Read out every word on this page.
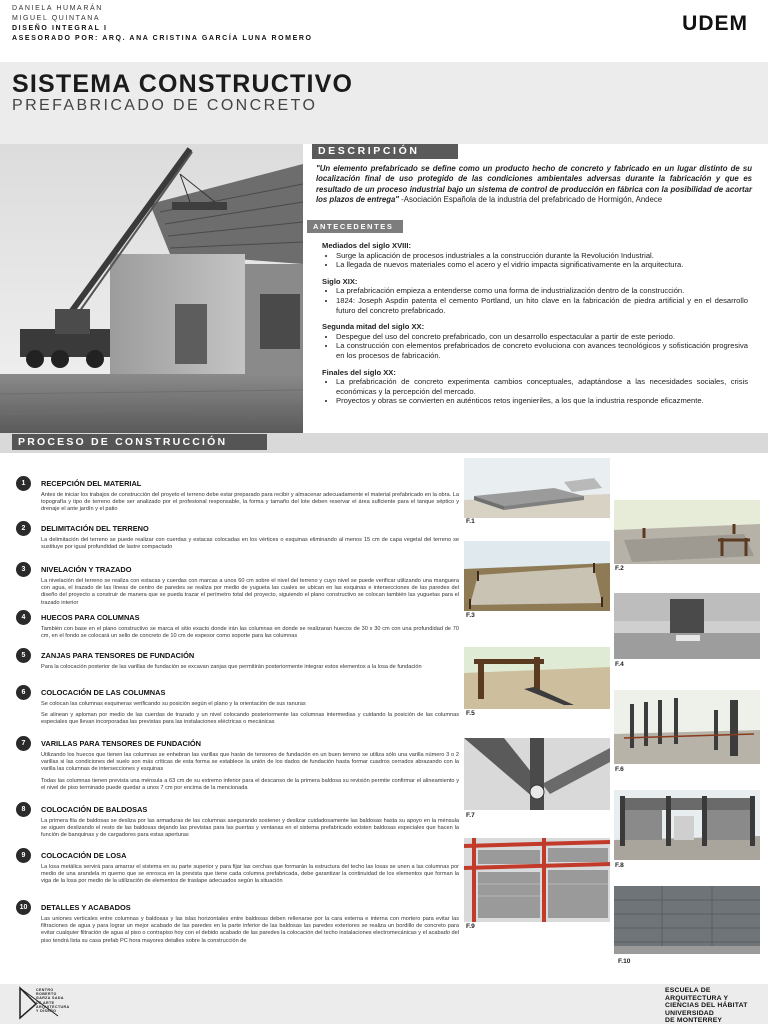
DANIELA HUMARÁN
MIGUEL QUINTANA
DISEÑO INTEGRAL I
ASESORADO POR: ARQ. ANA CRISTINA GARCÍA LUNA ROMERO
UDEM
SISTEMA CONSTRUCTIVO
PREFABRICADO DE CONCRETO
DESCRIPCIÓN
"Un elemento prefabricado se define como un producto hecho de concreto y fabricado en un lugar distinto de su localización final de uso protegido de las condiciones ambientales adversas durante la fabricación y que es resultado de un proceso industrial bajo un sistema de control de producción en fábrica con la posibilidad de acortar los plazos de entrega" -Asociación Española de la industria del prefabricado de Hormigón, Andece
ANTECEDENTES
Mediados del siglo XVIII:
• Surge la aplicación de procesos industriales a la construcción durante la Revolución Industrial.
• La llegada de nuevos materiales como el acero y el vidrio impacta significativamente en la arquitectura.
Siglo XIX:
• La prefabricación empieza a entenderse como una forma de industrialización dentro de la construcción.
• 1824: Joseph Aspdin patenta el cemento Portland, un hito clave en la fabricación de piedra artificial y en el desarrollo futuro del concreto prefabricado.
Segunda mitad del siglo XX:
• Despegue del uso del concreto prefabricado, con un desarrollo espectacular a partir de este periodo.
• La construcción con elementos prefabricados de concreto evoluciona con avances tecnológicos y sofisticación progresiva en los procesos de fabricación.
Finales del siglo XX:
• La prefabricación de concreto experimenta cambios conceptuales, adaptándose a las necesidades sociales, crisis económicas y la percepción del mercado.
• Proyectos y obras se convierten en auténticos retos ingenieriles, a los que la industria responde eficazmente.
PROCESO DE CONSTRUCCIÓN
1	RECEPCIÓN DEL MATERIAL

Antes de iniciar los trabajos de construcción del proyeto el terreno debe estar preparado para recibir y almacenar adecuadamente el material prefabricado en la obra. La topografía y tipo de terreno debe ser analizado por el profesional responsable, la forma y tamaño del lote deben reservar el área suficiente para el tanque séptico y drenaje el ante jardín y el patio

2	DELIMITACIÓN DEL TERRENO

La delimitación del terreno se puede realizar con cuerdas y estacas colocadas en los vértices o esquinas eliminando al menos 15 cm de capa vegetal del terreno se sustituye por igual profundidad de lastre compactado

3	NIVELACIÓN Y TRAZADO

La nivelación del terreno se realiza con estacas y cuerdas con marcas a unos 60 cm sobre el nivel del terreno y cuyo nivel se puede verificar utilizando una manguera con agua, el trazado de las líneas de centro de paredes se realiza por medio de yugueta las cuales se ubican en las esquinas e intersecciones de las paredes del diseño del proyecto a construir de manera que se pueda trazar el perímetro total del proyecto, siguiendo el plano constructivo se colocan también las yuguetas para el trazado interior

4	HUECOS PARA COLUMNAS

También con base en el plano constructivo se marca el sitio exacto donde irán las columnas en donde se realizaran huecos de 30 x 30 cm con una profundidad de 70 cm, en el fondo se colocará un sello de concreto de 10 cm de espesor como soporte para las columnas

5	ZANJAS PARA TENSORES DE FUNDACIÓN

Para la colocación posterior de las varillas de fundación se excavan zanjas que permitirán posteriormente integrar estos elementos a la losa de fundación

6	COLOCACIÓN DE LAS COLUMNAS

Se colocan las columnas esquineras verificando su posición según el plano y la orientación de sus ranuras

Se alinean y aploman por medio de las cuerdas de trazado y un nivel colocando posteriormente las columnas intermedias y cuidando la posición de las columnas especiales que llevan incorporadas las previstas para las instalaciones eléctricas o mecánicas

7	VARILLAS PARA TENSORES DE FUNDACIÓN

Utilizando los huecos que tienen las columnas se enhebran las varillas que harán de tensores de fundación en un buen terreno se utiliza sólo una varilla número 3 o 2 varillas si las condiciones del suelo son más críticas de esta forma se establece la unión de los dados de fundación hasta formar cuadros cerrados abrazando con la varilla las columnas de intersecciones y esquinas

Todas las columnas tienen prevista una ménsula a 63 cm de su extremo inferior para el descanso de la primera baldosa su revisión permite confirmar el alineamiento y el nivel de piso terminado puede quedar a unos 7 cm por encima de la mencionada

8	COLOCACIÓN DE BALDOSAS

La primera fila de baldosas se desliza por las armaduras de las columnas asegurando sostener y deslizar cuidadosamente las baldosas hasta su apoyo en la ménsula se siguen deslizando el resto de las baldosas dejando las previstas para las puertas y ventanas en el sistema prefabricado existen baldosas especiales que hacen la función de banquinas y de cargadores para estas aperturas

9	COLOCACIÓN DE LOSA

La losa metálica servirá para amarrar el sistema en su parte superior y para fijar las cerchas que formarán la estructura del techo las losas se unen a las columnas por medio de una arandela m quemo que se enrosca en la prevista que tiene cada columna prefabricada, debe garantizar la continuidad de los elementos que forman la viga de la losa por medio de la utilización de elementos de traslape adecuados según la situación

10	DETALLES Y ACABADOS

Las uniones verticales entre columnas y baldosas y las islas horizontales entre baldosas deben rellenarse por la cara externa e interna con mortero para evitar las filtraciones de agua y para lograr un mejor acabado de las paredes en la parte inferior de las baldosas las paredes exteriores se realiza un bordillo de concreto para evitar cualquier filtración de agua al piso o contrapiso hoy con el debido acabado de las paredes la colocación del techo instalaciones electromecánicas y el acabado del piso tendrá lista su casa prefab PC hora mayores detalles sobre la construcción de

F.1
F.2
F.3
F.4
F.5
F.6
F.7
F.8
F.9
F.10
CENTRO
ROBERTO
GARZA SADA
DE ARTE
ARQUITECTURA
Y DISEÑO
ESCUELA DE
ARQUITECTURA Y
CIENCIAS DEL HÁBITAT
UNIVERSIDAD
DE MONTERREY
